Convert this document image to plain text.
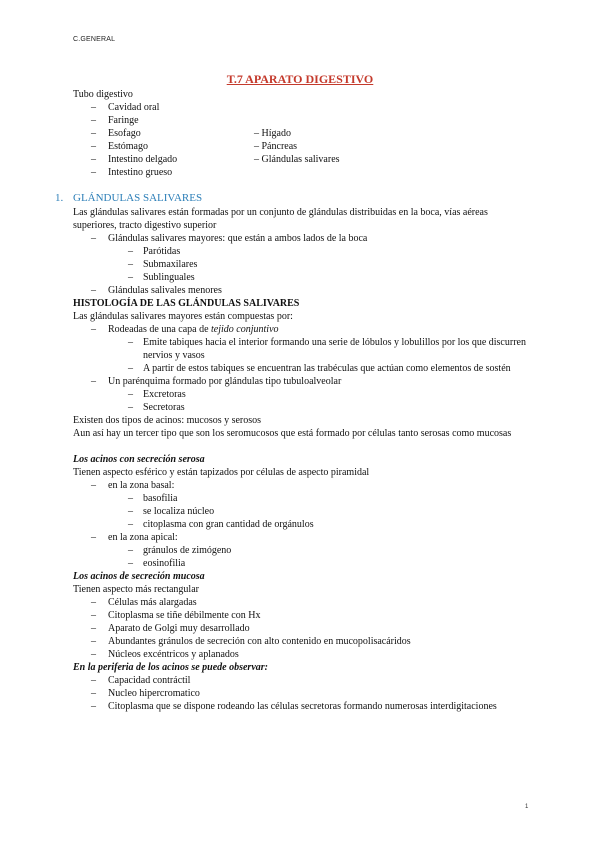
C.GENERAL
T.7 APARATO DIGESTIVO
Tubo digestivo
– Cavidad oral
– Faringe
– Esofago	– Hígado
– Estómago	– Páncreas
– Intestino delgado	– Glándulas salivares
– Intestino grueso
1. GLÁNDULAS SALIVARES
Las glándulas salivares están formadas por un conjunto de glándulas distribuidas en la boca, vías aéreas superiores, tracto digestivo superior
– Glándulas salivares mayores: que están a ambos lados de la boca
– Parótidas
– Submaxilares
– Sublinguales
– Glándulas salivales menores
HISTOLOGÍA DE LAS GLÁNDULAS SALIVARES
Las glándulas salivares mayores están compuestas por:
– Rodeadas de una capa de tejido conjuntivo
– Emite tabiques hacia el interior formando una serie de lóbulos y lobulillos por los que discurren nervios y vasos
– A partir de estos tabiques se encuentran las trabéculas que actúan como elementos de sostén
– Un parénquima formado por glándulas tipo tubuloalveolar
– Excretoras
– Secretoras
Existen dos tipos de acinos: mucosos y serosos
Aun así hay un tercer tipo que son los seromucosos que está formado por células tanto serosas como mucosas
Los acinos con secreción serosa
Tienen aspecto esférico y están tapizados por células de aspecto piramidal
– en la zona basal:
– basofilia
– se localiza núcleo
– citoplasma con gran cantidad de orgánulos
– en la zona apical:
– gránulos de zimógeno
– eosinofilia
Los acinos de secreción mucosa
Tienen aspecto más rectangular
– Células más alargadas
– Citoplasma se tiñe débilmente con Hx
– Aparato de Golgi muy desarrollado
– Abundantes gránulos de secreción con alto contenido en mucopolisacáridos
– Núcleos excéntricos y aplanados
En la periferia de los acinos se puede observar:
– Capacidad contráctil
– Nucleo hipercromatico
– Citoplasma que se dispone rodeando las células secretoras formando numerosas interdigitaciones
1
